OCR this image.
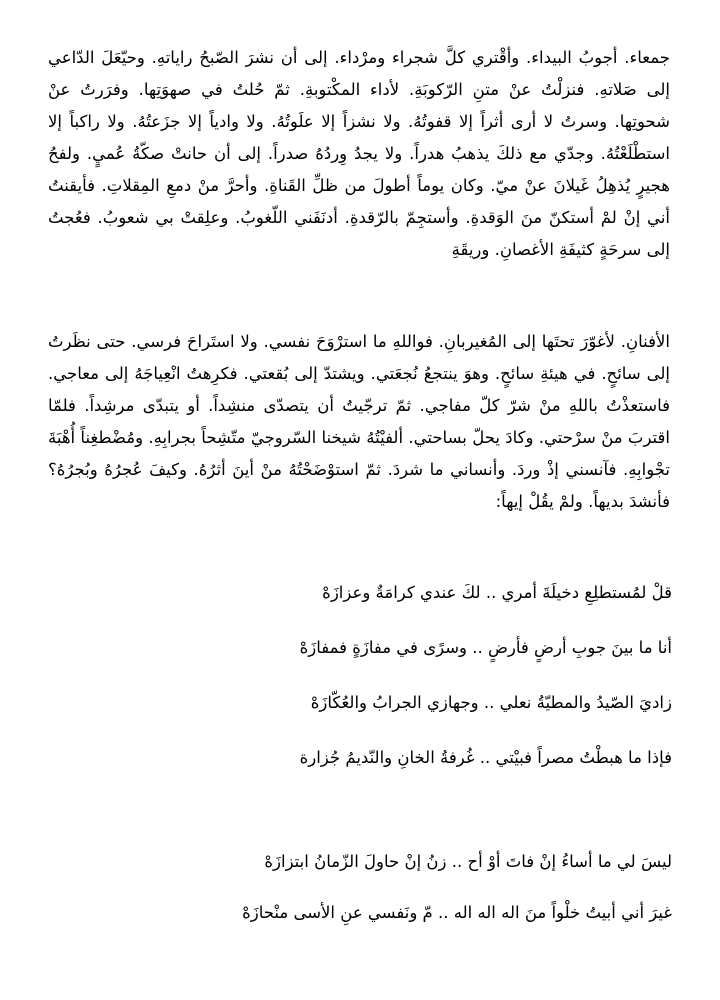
جمعاء. أجوبُ البيداء. وأقْتري كلَّ شجراء ومرْداء. إلى أن نشرَ الصّبحُ راياتهِ. وحيّعَلَ الدّاعي إلى صَلاتهِ. فنزلْتُ عنْ متنِ الرّكوبَةِ. لأداء المكْتوبةِ. ثمّ حُلتُ في صهوَتِها. وفرَرتُ عنْ شحوتِها. وسرتُ لا أرى أثراً إلا قفوتُهُ. ولا نشزاً إلا علَوتُهُ. ولا وادياً إلا جزَعتُهُ. ولا راكباً إلا استطْلَعْتُهُ. وجدّي مع ذلكَ يذهبُ هدراً. ولا يجدُ وِردُهُ صدراً. إلى أن حانتْ صكّةُ عُميٍ. ولفحُ هجيرٍ يُذهِلُ غَيلانَ عنْ ميّ. وكان يوماً أطولَ من ظلِّ القَناةِ. وأحرَّ منْ دمعِ المِقلاتِ. فأيقنتُ أني إنْ لمْ أستكنّ منَ الوَقدةِ. وأستجِمّ بالرّقدةِ. أدنَفَني اللّغوبُ. وعلِقتْ بي شعوبُ. فعُجتُ إلى سرحَةٍ كثيفَةِ الأغصانِ. وريقَةِ

الأفنانِ. لأغوّرَ تحتَها إلى المُغيربانِ. فواللهِ ما استرْوَحَ نفسي. ولا استَراحَ فرسي. حتى نظَرتُ إلى سائحٍ. في هيئةِ سائحٍ. وهوَ ينتجعُ نُجعَتي. ويشتدّ إلى بُقعتي. فكرِهتُ انْعِياجَهُ إلى معاجي. فاستعذْتُ باللهِ منْ شرّ كلّ مفاجي. ثمّ ترجّيتُ أن يتصدّى منشِداً. أو يتبدّى مرشِداً. فلمّا اقتربَ منْ سرْحتي. وكادَ يحلّ بساحتي. ألفيْتُهُ شيخنا السّروجيّ متّشِحاً بجرابِهِ. ومُضْطغِناً أُهْبَةَ تجْوابِهِ. فآنسني إذْ وردَ. وأنساني ما شردَ. ثمّ استوْضَحْتُهُ منْ أينَ أثرُهُ. وكيفَ عُجرُهُ وبُجرُهُ؟ فأنشدَ بديهاً. ولمْ يقُلْ إيهاً:

قلْ لمُستطلِعِ دخيلَةَ أمري .. لكَ عندي كرامَةٌ وعزازَهْ

أنا ما بينَ جوبِ أرضٍ فأرضٍ .. وسرًى في مفازَةٍ فمفازَهْ

زاديَ الصّيدُ والمطيّةُ نعلي .. وجهازي الجرابُ والعُكّازَهْ

فإذا ما هبطْتُ مصراً فبيْتي .. غُرفةُ الخانِ والنّديمُ جُزارة

ليسَ لي ما أساءُ إنْ فاتَ أوْ أح .. زنُ إنْ حاولَ الزّمانُ ابتزازَهْ

غيرَ أني أبيتُ خلْواً منَ اله اله اله .. مّ ونَفسي عنِ الأسى منْحازَهْ
